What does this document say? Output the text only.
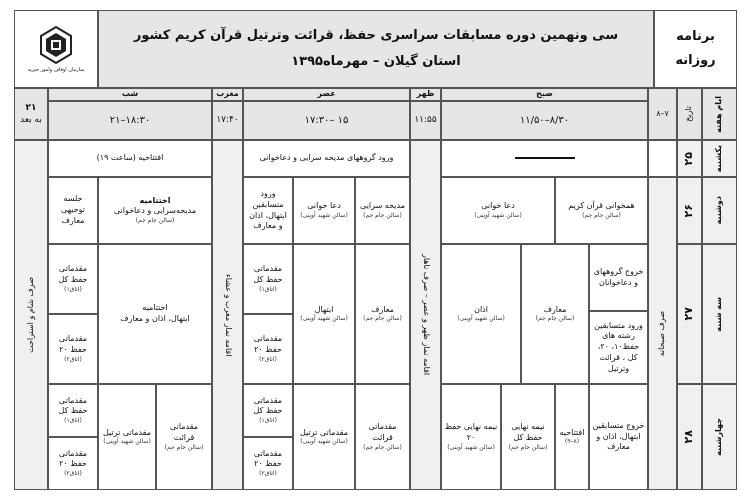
سازمان اوقاف وامور خیریه
سی ونهمین دوره مسابقات سراسری حفظ، قرائت وترتیل قرآن کریم کشور
استان گیلان – مهرماه۱۳۹۵
برنامه
روزانه
ایام هفته
تاریخ
۷–۸
صبح
۸/۳۰–۱۱/۵۰
ظهر
۱۱:۵۵
عصر
۱۵ –۱۷:۳۰
مغرب
۱۷:۴۰
شب
۱۸:۳۰–۲۱
۲۱
به بعد
یکشنبه
دوشنبه
سه شنبه
چهارشنبه
۲۵
۲۶
۲۷
۲۸
صرف صبحانه
اقامه نماز ظهر و عصر – صرف ناهار
اقامه نماز مغرب و عشاء
صرف شام و استراحت
ورود گروههای مدیحه سرایی و دعاخوانی
افتتاحیه (ساعت ۱۹)
همخوانی قرآن کریم
(سالن جام جم)
دعا خوانی
(سالن شهید آوینی)
مدیحه سرایی
(سالن جام جم)
دعا خوانی
(سالن شهید آوینی)
ورود متسابقین ابتهال، اذان و معارف
اختتامیه
مدیحه‌سرایی و دعاخوانی
(سالن جام جم)
جلسه توجیهی معارف
خروج گروههای و دعاخوانان
ورود متسابقین رشته های حفظ۱۰، ۲۰، کل ، قرائت وترتیل
معارف
(سالن جام جم)
اذان
(سالن شهید آوینی)
معارف
(سالن جام جم)
ابتهال
(سالن شهید آوینی)
مقدماتی حفظ کل
(اتاق۱)
مقدماتی حفظ ۲۰
(اتاق۲)
اختتامیه
ابتهال، اذان و معارف
مقدماتی حفظ کل
(اتاق۱)
مقدماتی حفظ ۲۰
(اتاق۲)
خروج متسابقین ابتهال، اذان و معارف
افتتاحیه
(۸–۹)
نیمه نهایی حفظ کل
(سالن جام جم)
نیمه نهایی حفظ ۲۰
(سالن شهید آوینی)
مقدماتی قرائت
(سالن جام جم)
مقدماتی ترتیل
(سالن شهید آوینی)
مقدماتی حفظ کل
(اتاق۱)
مقدماتی حفظ ۲۰
(اتاق۲)
مقدماتی قرائت
(سالن جام جم)
مقدماتی ترتیل
(سالن شهید آوینی)
مقدماتی حفظ کل
(اتاق۱)
مقدماتی حفظ ۲۰
(اتاق۲)
